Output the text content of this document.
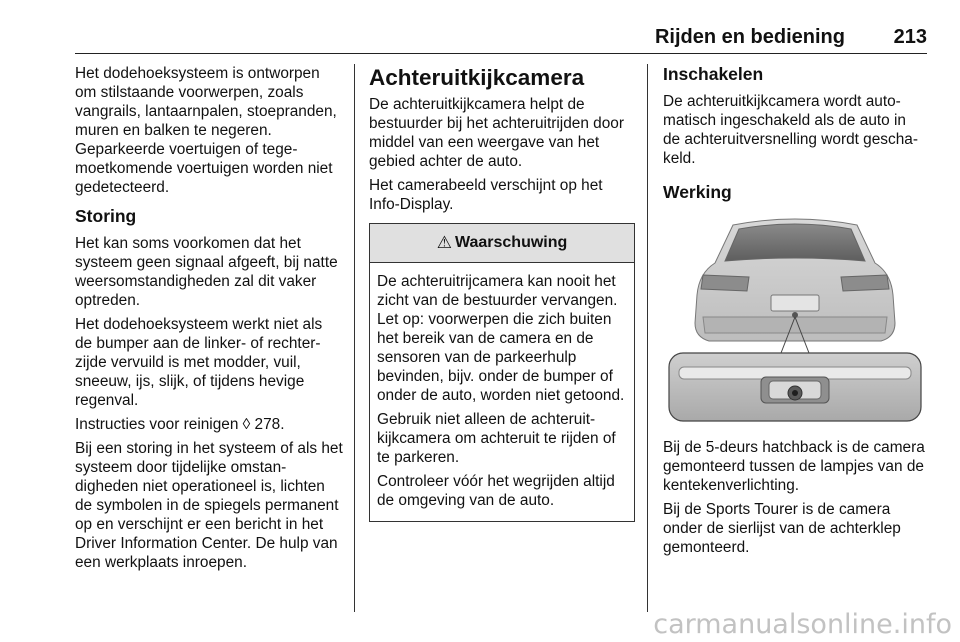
Rijden en bediening 213

Het dodehoeksysteem is ontworpen om stilstaande voorwerpen, zoals vangrails, lantaarnpalen, stoepranden, muren en balken te negeren. Geparkeerde voertuigen of tegemoetkomende voertuigen worden niet gedetecteerd.

Storing

Het kan soms voorkomen dat het systeem geen signaal afgeeft, bij natte weersomstandigheden zal dit vaker optreden.

Het dodehoeksysteem werkt niet als de bumper aan de linker- of rechterzijde vervuild is met modder, vuil, sneeuw, ijs, slijk, of tijdens hevige regenval.

Instructies voor reinigen ◊ 278.

Bij een storing in het systeem of als het systeem door tijdelijke omstandigheden niet operationeel is, lichten de symbolen in de spiegels permanent op en verschijnt er een bericht in het Driver Information Center. De hulp van een werkplaats inroepen.

Achteruitkijkcamera

De achteruitkijkcamera helpt de bestuurder bij het achteruitrijden door middel van een weergave van het gebied achter de auto.

Het camerabeeld verschijnt op het Info-Display.

⚠ Waarschuwing

De achteruitrijcamera kan nooit het zicht van de bestuurder vervangen. Let op: voorwerpen die zich buiten het bereik van de camera en de sensoren van de parkeerhulp bevinden, bijv. onder de bumper of onder de auto, worden niet getoond.

Gebruik niet alleen de achteruitkijkcamera om achteruit te rijden of te parkeren.

Controleer vóór het wegrijden altijd de omgeving van de auto.

Inschakelen

De achteruitkijkcamera wordt automatisch ingeschakeld als de auto in de achteruitversnelling wordt geschakeld.

Werking

Bij de 5-deurs hatchback is de camera gemonteerd tussen de lampjes van de kentekenverlichting.

Bij de Sports Tourer is de camera onder de sierlijst van de achterklep gemonteerd.

carmanualsonline.info
